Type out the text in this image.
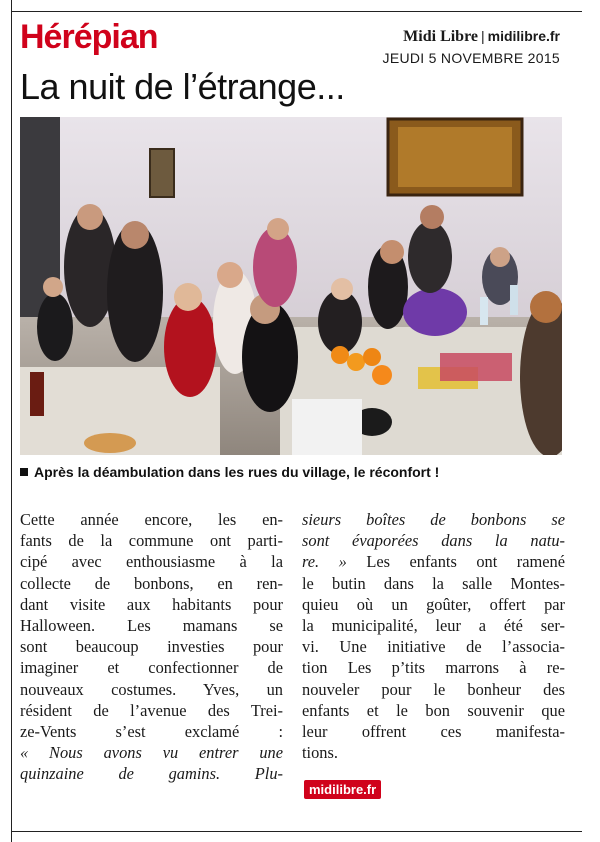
Hérépian
La nuit de l’étrange...
Midi Libre | midilibre.fr
JEUDI 5 NOVEMBRE 2015
Après la déambulation dans les rues du village, le réconfort !
Cette année encore, les en-
fants de la commune ont parti-
cipé avec enthousiasme à la
collecte de bonbons, en ren-
dant visite aux habitants pour
Halloween. Les mamans se
sont beaucoup investies pour
imaginer et confectionner de
nouveaux costumes. Yves, un
résident de l’avenue des Trei-
ze-Vents s’est exclamé :
« Nous avons vu entrer une
quinzaine de gamins. Plu-
sieurs boîtes de bonbons se
sont évaporées dans la natu-
re. » Les enfants ont ramené
le butin dans la salle Montes-
quieu où un goûter, offert par
la municipalité, leur a été ser-
vi. Une initiative de l’associa-
tion Les p’tits marrons à re-
nouveler pour le bonheur des
enfants et le bon souvenir que
leur offrent ces manifesta-
tions.
midilibre.fr
